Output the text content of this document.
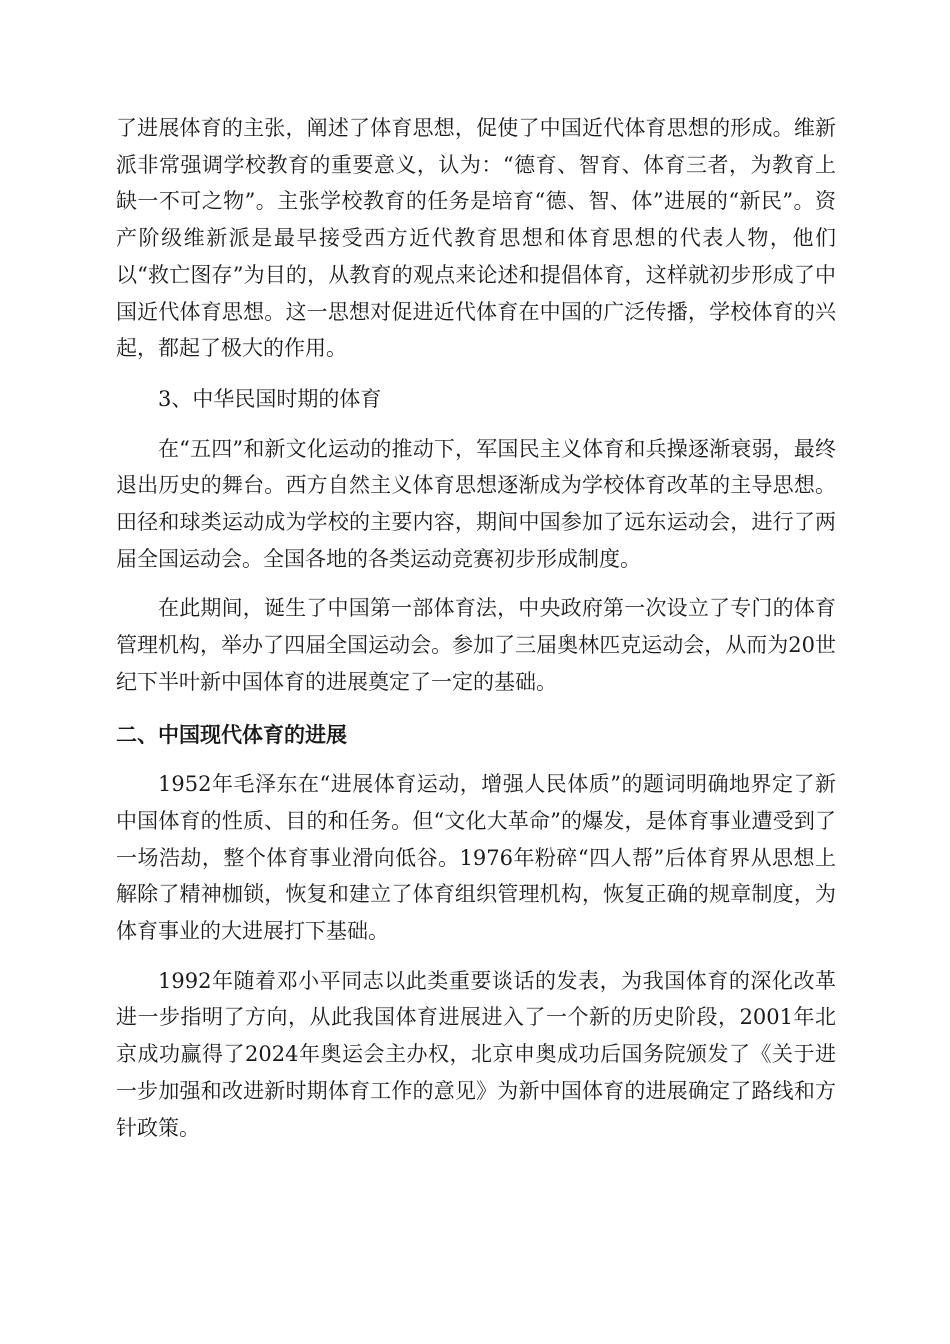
了进展体育的主张，阐述了体育思想，促使了中国近代体育思想的形成。维新派非常强调学校教育的重要意义，认为：“德育、智育、体育三者，为教育上缺一不可之物”。主张学校教育的任务是培育“德、智、体”进展的“新民”。资产阶级维新派是最早接受西方近代教育思想和体育思想的代表人物，他们以“救亡图存”为目的，从教育的观点来论述和提倡体育，这样就初步形成了中国近代体育思想。这一思想对促进近代体育在中国的广泛传播，学校体育的兴起，都起了极大的作用。

3、中华民国时期的体育

在“五四”和新文化运动的推动下，军国民主义体育和兵操逐渐衰弱，最终退出历史的舞台。西方自然主义体育思想逐渐成为学校体育改革的主导思想。田径和球类运动成为学校的主要内容，期间中国参加了远东运动会，进行了两届全国运动会。全国各地的各类运动竞赛初步形成制度。

在此期间，诞生了中国第一部体育法，中央政府第一次设立了专门的体育管理机构，举办了四届全国运动会。参加了三届奥林匹克运动会，从而为20世纪下半叶新中国体育的进展奠定了一定的基础。

二、中国现代体育的进展

1952年毛泽东在“进展体育运动，增强人民体质”的题词明确地界定了新中国体育的性质、目的和任务。但“文化大革命”的爆发，是体育事业遭受到了一场浩劫，整个体育事业滑向低谷。1976年粉碎“四人帮”后体育界从思想上解除了精神枷锁，恢复和建立了体育组织管理机构，恢复正确的规章制度，为体育事业的大进展打下基础。

1992年随着邓小平同志以此类重要谈话的发表，为我国体育的深化改革进一步指明了方向，从此我国体育进展进入了一个新的历史阶段，2001年北京成功赢得了2024年奥运会主办权，北京申奥成功后国务院颁发了《关于进一步加强和改进新时期体育工作的意见》为新中国体育的进展确定了路线和方针政策。
